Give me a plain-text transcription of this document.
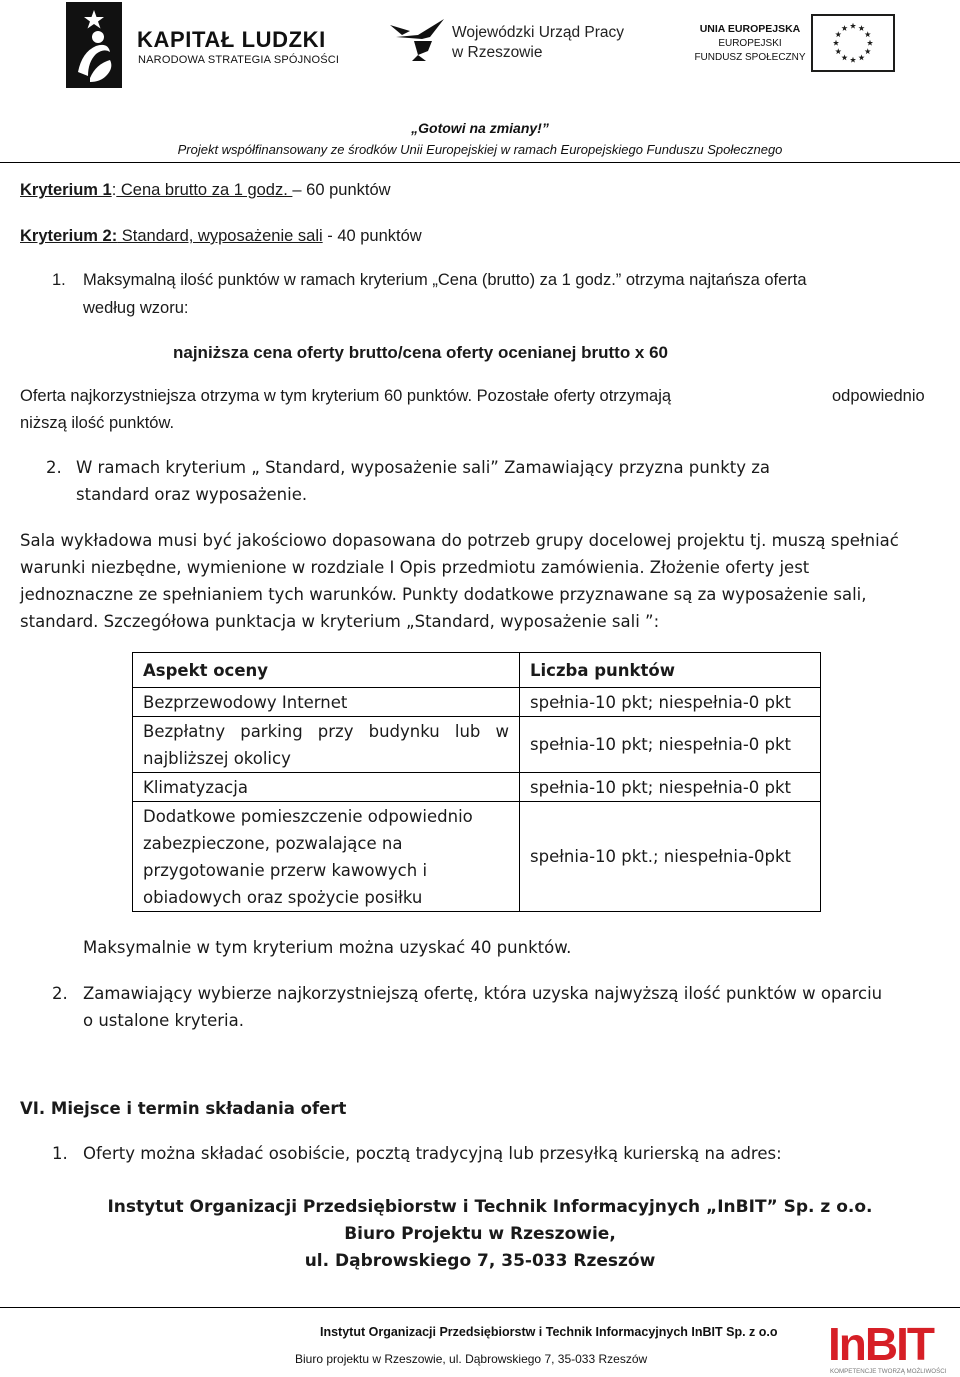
KAPITAŁ LUDZKI
NARODOWA STRATEGIA SPÓJNOŚCI
Wojewódzki Urząd Pracy
w Rzeszowie
UNIA EUROPEJSKA
EUROPEJSKI
FUNDUSZ SPOŁECZNY
„Gotowi na zmiany!”
Projekt współfinansowany ze środków Unii Europejskiej w ramach Europejskiego Funduszu Społecznego
Kryterium 1: Cena brutto za 1 godz. – 60 punktów
Kryterium 2: Standard, wyposażenie sali - 40 punktów
1. Maksymalną ilość punktów w ramach kryterium „Cena (brutto) za 1 godz.” otrzyma najtańsza oferta
według wzoru:
najniższa cena oferty brutto/cena oferty ocenianej brutto x 60
Oferta najkorzystniejsza otrzyma w tym kryterium 60 punktów. Pozostałe oferty otrzymają	odpowiednio
niższą ilość punktów.
2. W ramach kryterium „ Standard, wyposażenie sali” Zamawiający przyzna punkty za
standard oraz wyposażenie.
Sala wykładowa musi być jakościowo dopasowana do potrzeb grupy docelowej projektu tj. muszą spełniać
warunki niezbędne, wymienione w rozdziale I Opis przedmiotu zamówienia. Złożenie oferty jest
jednoznaczne ze spełnianiem tych warunków. Punkty dodatkowe przyznawane są za wyposażenie sali,
standard. Szczegółowa punktacja w kryterium „Standard, wyposażenie sali ”:
Aspekt oceny	Liczba punktów
Bezprzewodowy Internet	spełnia-10 pkt; niespełnia-0 pkt

Bezpłatny parking przy budynku lub w
najbliższej okolicy	spełnia-10 pkt; niespełnia-0 pkt
Klimatyzacja	spełnia-10 pkt; niespełnia-0 pkt

Dodatkowe pomieszczenie odpowiednio
zabezpieczone, pozwalające na
przygotowanie przerw kawowych i
obiadowych oraz spożycie posiłku	spełnia-10 pkt.; niespełnia-0pkt
Maksymalnie w tym kryterium można uzyskać 40 punktów.
2. Zamawiający wybierze najkorzystniejszą ofertę, która uzyska najwyższą ilość punktów w oparciu
o ustalone kryteria.
VI. Miejsce i termin składania ofert
1. Oferty można składać osobiście, pocztą tradycyjną lub przesyłką kurierską na adres:
Instytut Organizacji Przedsiębiorstw i Technik Informacyjnych „InBIT” Sp. z o.o.
Biuro Projektu w Rzeszowie,
ul. Dąbrowskiego 7, 35-033 Rzeszów
Instytut Organizacji Przedsiębiorstw i Technik Informacyjnych InBIT Sp. z o.o
Biuro projektu w Rzeszowie, ul. Dąbrowskiego 7, 35-033 Rzeszów	InBIT
KOMPETENCJE TWORZĄ MOŻLIWOŚCI
